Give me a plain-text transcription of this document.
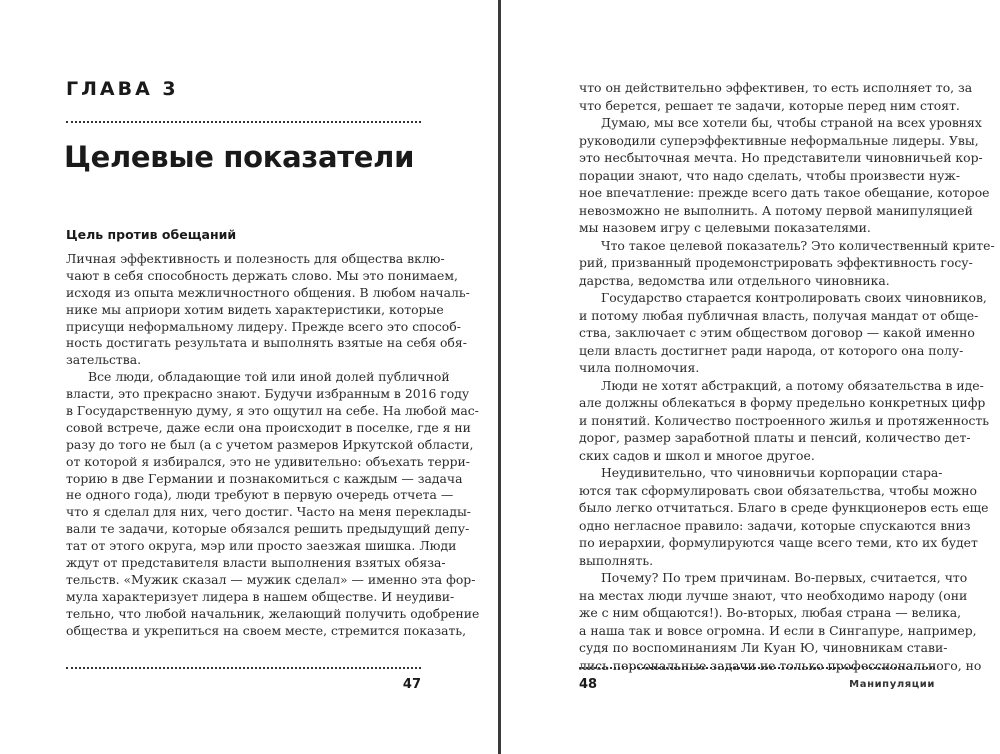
ГЛАВА 3
Целевые показатели
Цель против обещаний
Личная эффективность и полезность для общества вклю-
чают в себя способность держать слово. Мы это понимаем,
исходя из опыта межличностного общения. В любом началь-
нике мы априори хотим видеть характеристики, которые
присущи неформальному лидеру. Прежде всего это способ-
ность достигать результата и выполнять взятые на себя обя-
зательства.
Все люди, обладающие той или иной долей публичной
власти, это прекрасно знают. Будучи избранным в 2016 году
в Государственную думу, я это ощутил на себе. На любой мас-
совой встрече, даже если она происходит в поселке, где я ни
разу до того не был (а с учетом размеров Иркутской области,
от которой я избирался, это не удивительно: объехать терри-
торию в две Германии и познакомиться с каждым — задача
не одного года), люди требуют в первую очередь отчета —
что я сделал для них, чего достиг. Часто на меня переклады-
вали те задачи, которые обязался решить предыдущий депу-
тат от этого округа, мэр или просто заезжая шишка. Люди
ждут от представителя власти выполнения взятых обяза-
тельств. «Мужик сказал — мужик сделал» — именно эта фор-
мула характеризует лидера в нашем обществе. И неудиви-
тельно, что любой начальник, желающий получить одобрение
общества и укрепиться на своем месте, стремится показать,
47	48	Манипуляции
что он действительно эффективен, то есть исполняет то, за
что берется, решает те задачи, которые перед ним стоят.
Думаю, мы все хотели бы, чтобы страной на всех уровнях
руководили суперэффективные неформальные лидеры. Увы,
это несбыточная мечта. Но представители чиновничьей кор-
порации знают, что надо сделать, чтобы произвести нуж-
ное впечатление: прежде всего дать такое обещание, которое
невозможно не выполнить. А потому первой манипуляцией
мы назовем игру с целевыми показателями.
Что такое целевой показатель? Это количественный крите-
рий, призванный продемонстрировать эффективность госу-
дарства, ведомства или отдельного чиновника.
Государство старается контролировать своих чиновников,
и потому любая публичная власть, получая мандат от обще-
ства, заключает с этим обществом договор — какой именно
цели власть достигнет ради народа, от которого она полу-
чила полномочия.
Люди не хотят абстракций, а потому обязательства в иде-
але должны облекаться в форму предельно конкретных цифр
и понятий. Количество построенного жилья и протяженность
дорог, размер заработной платы и пенсий, количество дет-
ских садов и школ и многое другое.
Неудивительно, что чиновничьи корпорации стара-
ются так сформулировать свои обязательства, чтобы можно
было легко отчитаться. Благо в среде функционеров есть еще
одно негласное правило: задачи, которые спускаются вниз
по иерархии, формулируются чаще всего теми, кто их будет
выполнять.
Почему? По трем причинам. Во-первых, считается, что
на местах люди лучше знают, что необходимо народу (они
же с ним общаются!). Во-вторых, любая страна — велика,
а наша так и вовсе огромна. И если в Сингапуре, например,
судя по воспоминаниям Ли Куан Ю, чиновникам стави-
лись персональные задачи не только профессионального, но
